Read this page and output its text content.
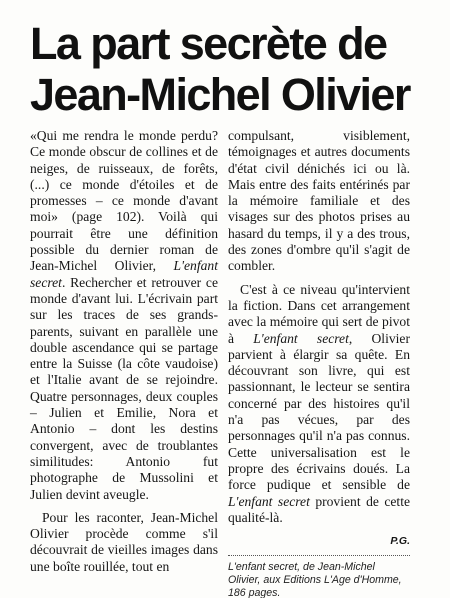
La part secrète de
Jean-Michel Olivier

«Qui me rendra le monde perdu? Ce monde obscur de collines et de neiges, de ruisseaux, de forêts, (...) ce monde d'étoiles et de promesses – ce monde d'avant moi» (page 102). Voilà qui pourrait être une définition possible du dernier roman de Jean-Michel Olivier, L'enfant secret. Rechercher et retrouver ce monde d'avant lui. L'écrivain part sur les traces de ses grands-parents, suivant en parallèle une double ascendance qui se partage entre la Suisse (la côte vaudoise) et l'Italie avant de se rejoindre. Quatre personnages, deux couples – Julien et Emilie, Nora et Antonio – dont les destins convergent, avec de troublantes similitudes: Antonio fut photographe de Mussolini et Julien devint aveugle.

Pour les raconter, Jean-Michel Olivier procède comme s'il découvrait de vieilles images dans une boîte rouillée, tout en

compulsant, visiblement, témoignages et autres documents d'état civil dénichés ici ou là. Mais entre des faits entérinés par la mémoire familiale et des visages sur des photos prises au hasard du temps, il y a des trous, des zones d'ombre qu'il s'agit de combler.

C'est à ce niveau qu'intervient la fiction. Dans cet arrangement avec la mémoire qui sert de pivot à L'enfant secret, Olivier parvient à élargir sa quête. En découvrant son livre, qui est passionnant, le lecteur se sentira concerné par des histoires qu'il n'a pas vécues, par des personnages qu'il n'a pas connus. Cette universalisation est le propre des écrivains doués. La force pudique et sensible de L'enfant secret provient de cette qualité-là.

P.G.
L'enfant secret, de Jean-Michel Olivier, aux Editions L'Age d'Homme, 186 pages.
